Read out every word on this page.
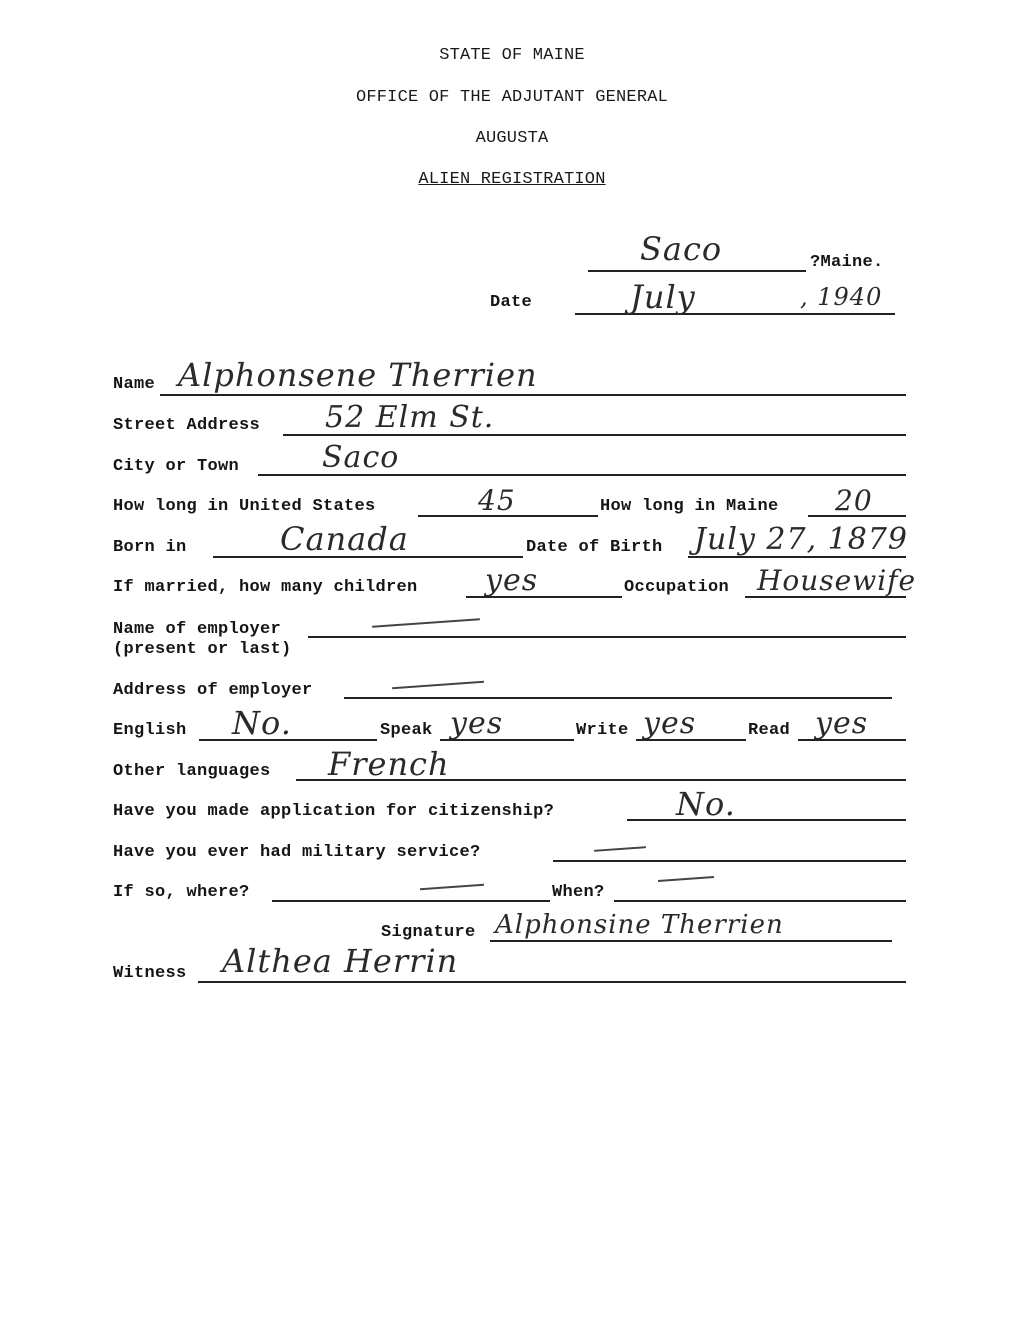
STATE OF MAINE
OFFICE OF THE ADJUTANT GENERAL
AUGUSTA
ALIEN REGISTRATION
Saco	?Maine.
Date	July	, 1940
Name Alphonsene Therrien
Street Address 52 Elm St.
City or Town	Saco
How long in United States	45	How long in Maine 20
Born in	Canada	Date of Birth July 27, 1879
If married, how many children yes	Occupation Housewife
Name of employer
(present or last)
Address of employer
English No.	Speak yes	Write yes	Read yes
Other languages French
Have you made application for citizenship?	No.
Have you ever had military service?
If so, where?	When?
Signature Alphonsine Therrien
Witness Althea Herrin
